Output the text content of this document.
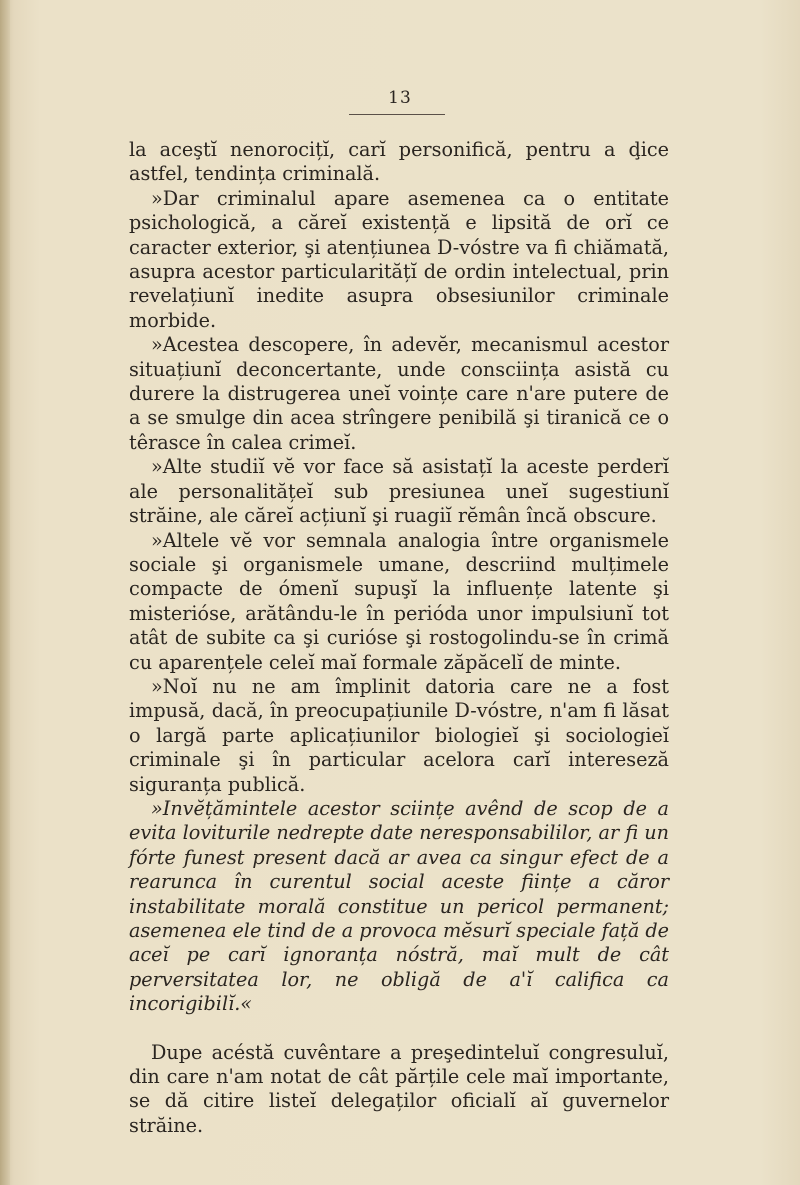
13

la aceştĭ nenorocițĭ, carĭ personifică, pentru a ḑice astfel, tendința criminală.

»Dar criminalul apare asemenea ca o entitate psichologică, a căreĭ existență e lipsită de orĭ ce caracter exterior, şi atențiunea D-vóstre va fi chiămată, asupra acestor particularitățĭ de ordin intelectual, prin revelațiunĭ inedite asupra obsesiunilor criminale morbide.

»Acestea descopere, în adevĕr, mecanismul acestor situațiunĭ deconcertante, unde consciința asistă cu durere la distrugerea uneĭ voințe care n'are putere de a se smulge din acea strîngere penibilă şi tiranică ce o têrasce în calea crimeĭ.

»Alte studiĭ vĕ vor face să asistațĭ la aceste perderĭ ale personalitățeĭ sub presiunea uneĭ sugestiunĭ străine, ale căreĭ acțiunĭ şi ruagiĭ rĕmân încă obscure.

»Altele vĕ vor semnala analogia între organismele sociale şi organismele umane, descriind mulțimele compacte de ómenĭ supuşĭ la influențe latente şi misteriόse, arătându-le în perióda unor impulsiunĭ tot atât de subite ca şi curióse şi rostogolindu-se în crimă cu aparențele celeĭ maĭ formale zăpăcelĭ de minte.

»Noĭ nu ne am împlinit datoria care ne a fost impusă, dacă, în preocupațiunile D-vóstre, n'am fi lăsat o largă parte aplicațiunilor biologieĭ şi sociologieĭ criminale şi în particular acelora carĭ intereseză siguranța publică.

»Invĕțămintele acestor sciințe avênd de scop de a evita loviturile nedrepte date neresponsabililor, ar fi un fórte funest present dacă ar avea ca singur efect de a rearunca în curentul social aceste ființe a căror instabilitate morală constitue un pericol permanent; asemenea ele tind de a provoca mĕsurĭ speciale față de aceĭ pe carĭ ignoranța nóstră, maĭ mult de cât perversitatea lor, ne obligă de a'ĭ califica ca incorigibilĭ.«

Dupe acéstă cuvêntare a preşedinteluĭ congresuluĭ, din care n'am notat de cât părțile cele maĭ importante, se dă citire listeĭ delegaților oficialĭ aĭ guvernelor străine.
